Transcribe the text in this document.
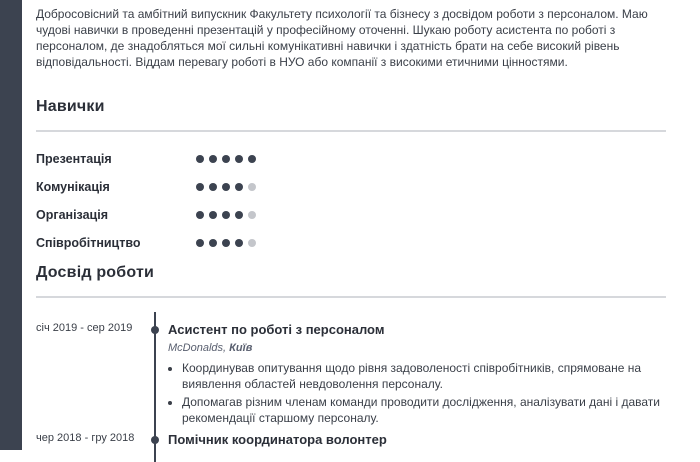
Добросовісний та амбітний випускник Факультету психології та бізнесу з досвідом роботи з персоналом. Маю чудові навички в проведенні презентацій у професійному оточенні. Шукаю роботу асистента по роботі з персоналом, де знадобляться мої сильні комунікативні навички і здатність брати на себе високий рівень відповідальності. Віддам перевагу роботі в НУО або компанії з високими етичними цінностями.

Навички
Презентація
Комунікація
Організація
Співробітництво
Досвід роботи
січ 2019 - сер 2019	Асистент по роботі з персоналом
McDonalds, Київ
• Координував опитування щодо рівня задоволеності співробітників, спрямоване на виявлення областей невдоволення персоналу.
• Допомагав різним членам команди проводити дослідження, аналізувати дані і давати рекомендації старшому персоналу.
чер 2018 - гру 2018	Помічник координатора волонтер
